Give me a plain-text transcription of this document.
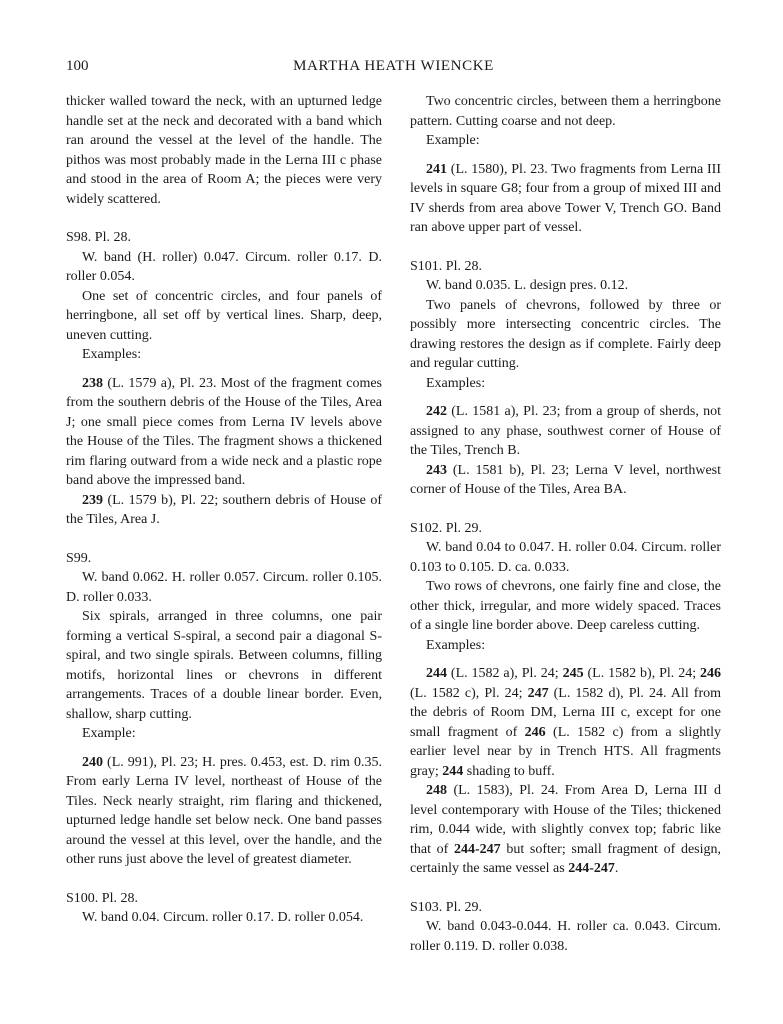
100	MARTHA HEATH WIENCKE

thicker walled toward the neck, with an upturned ledge handle set at the neck and decorated with a band which ran around the vessel at the level of the handle. The pithos was most probably made in the Lerna III c phase and stood in the area of Room A; the pieces were very widely scattered.

S98. Pl. 28.

W. band (H. roller) 0.047. Circum. roller 0.17. D. roller 0.054.

One set of concentric circles, and four panels of herringbone, all set off by vertical lines. Sharp, deep, uneven cutting.

Examples:

238 (L. 1579 a), Pl. 23. Most of the fragment comes from the southern debris of the House of the Tiles, Area J; one small piece comes from Lerna IV levels above the House of the Tiles. The fragment shows a thickened rim flaring outward from a wide neck and a plastic rope band above the impressed band.

239 (L. 1579 b), Pl. 22; southern debris of House of the Tiles, Area J.

S99.

W. band 0.062. H. roller 0.057. Circum. roller 0.105. D. roller 0.033.

Six spirals, arranged in three columns, one pair forming a vertical S-spiral, a second pair a diagonal S-spiral, and two single spirals. Between columns, filling motifs, horizontal lines or chevrons in different arrangements. Traces of a double linear border. Even, shallow, sharp cutting.

Example:

240 (L. 991), Pl. 23; H. pres. 0.453, est. D. rim 0.35. From early Lerna IV level, northeast of House of the Tiles. Neck nearly straight, rim flaring and thickened, upturned ledge handle set below neck. One band passes around the vessel at this level, over the handle, and the other runs just above the level of greatest diameter.

S100. Pl. 28.

W. band 0.04. Circum. roller 0.17. D. roller 0.054.

Two concentric circles, between them a herringbone pattern. Cutting coarse and not deep.

Example:

241 (L. 1580), Pl. 23. Two fragments from Lerna III levels in square G8; four from a group of mixed III and IV sherds from area above Tower V, Trench GO. Band ran above upper part of vessel.

S101. Pl. 28.

W. band 0.035. L. design pres. 0.12.

Two panels of chevrons, followed by three or possibly more intersecting concentric circles. The drawing restores the design as if complete. Fairly deep and regular cutting.

Examples:

242 (L. 1581 a), Pl. 23; from a group of sherds, not assigned to any phase, southwest corner of House of the Tiles, Trench B.

243 (L. 1581 b), Pl. 23; Lerna V level, northwest corner of House of the Tiles, Area BA.

S102. Pl. 29.

W. band 0.04 to 0.047. H. roller 0.04. Circum. roller 0.103 to 0.105. D. ca. 0.033.

Two rows of chevrons, one fairly fine and close, the other thick, irregular, and more widely spaced. Traces of a single line border above. Deep careless cutting.

Examples:

244 (L. 1582 a), Pl. 24; 245 (L. 1582 b), Pl. 24; 246 (L. 1582 c), Pl. 24; 247 (L. 1582 d), Pl. 24. All from the debris of Room DM, Lerna III c, except for one small fragment of 246 (L. 1582 c) from a slightly earlier level near by in Trench HTS. All fragments gray; 244 shading to buff.

248 (L. 1583), Pl. 24. From Area D, Lerna III d level contemporary with House of the Tiles; thickened rim, 0.044 wide, with slightly convex top; fabric like that of 244-247 but softer; small fragment of design, certainly the same vessel as 244-247.

S103. Pl. 29.

W. band 0.043-0.044. H. roller ca. 0.043. Circum. roller 0.119. D. roller 0.038.
